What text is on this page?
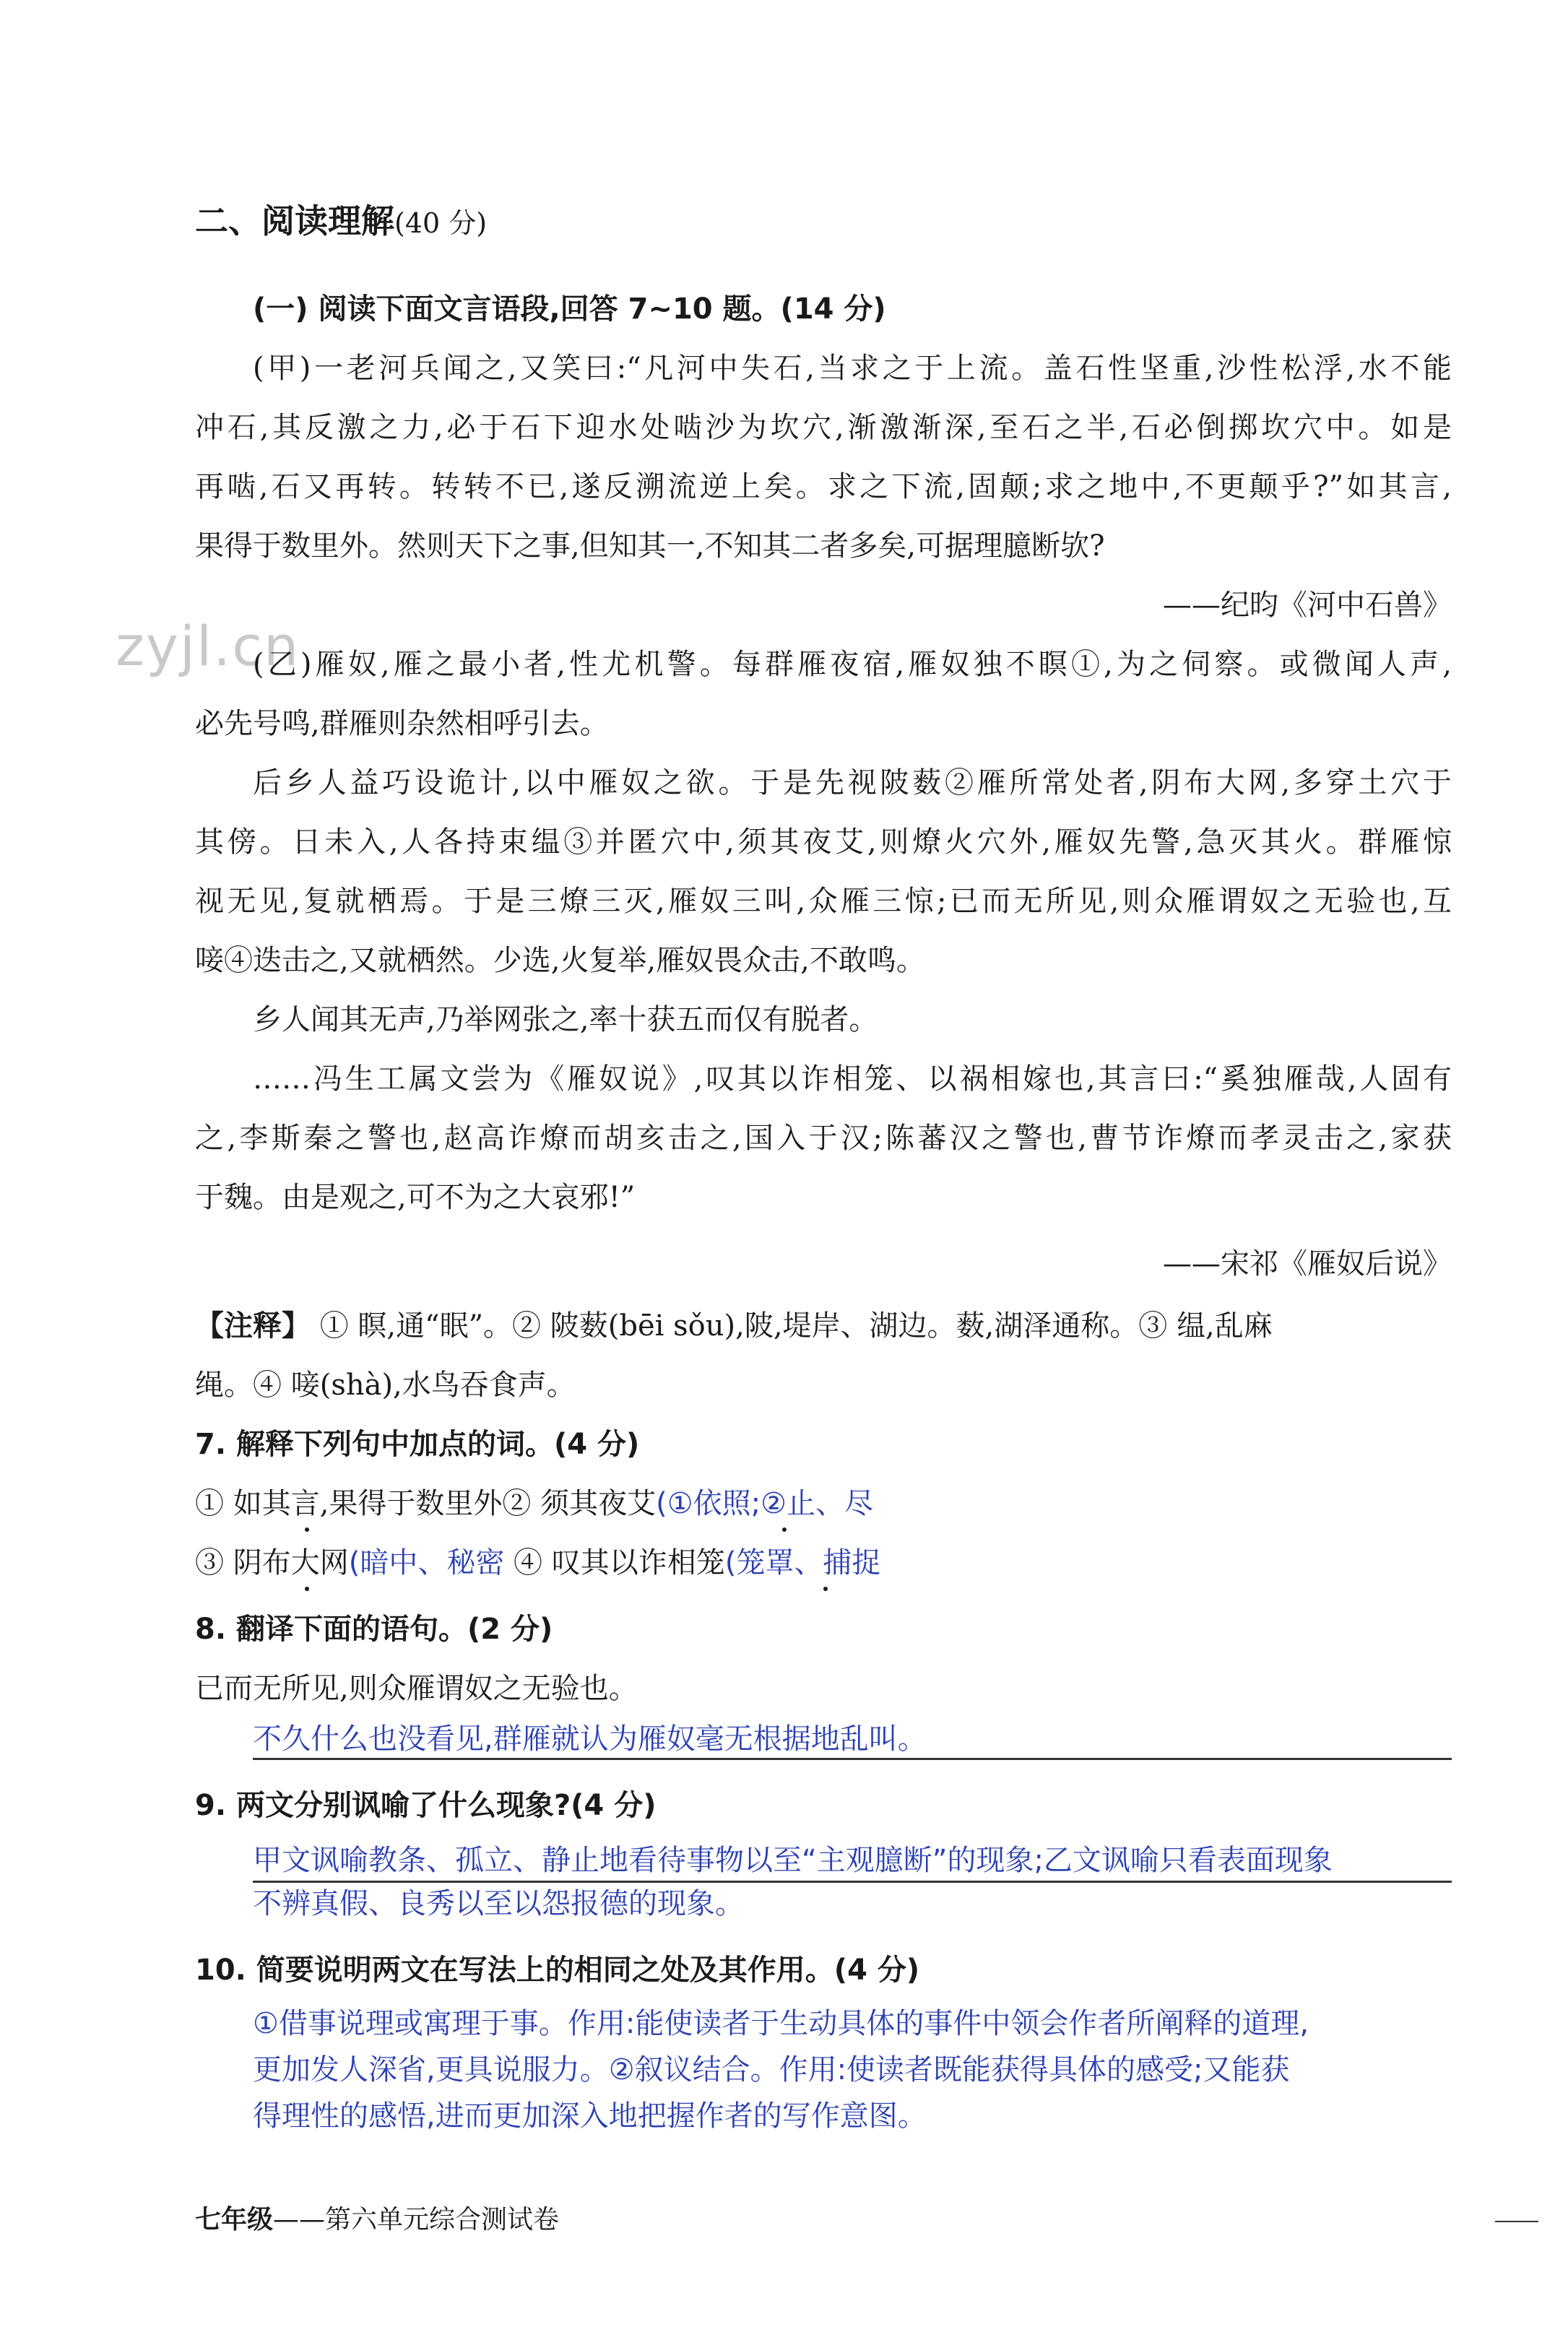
zyjl.cn
二、阅读理解(40 分)
(一) 阅读下面文言语段,回答 7~10 题。(14 分)
(甲)一老河兵闻之,又笑曰:“凡河中失石,当求之于上流。盖石性坚重,沙性松浮,水不能
冲石,其反激之力,必于石下迎水处啮沙为坎穴,渐激渐深,至石之半,石必倒掷坎穴中。如是
再啮,石又再转。转转不已,遂反溯流逆上矣。求之下流,固颠;求之地中,不更颠乎?”如其言,
果得于数里外。然则天下之事,但知其一,不知其二者多矣,可据理臆断欤?
——纪昀《河中石兽》
(乙)雁奴,雁之最小者,性尤机警。每群雁夜宿,雁奴独不瞑①,为之伺察。或微闻人声,
必先号鸣,群雁则杂然相呼引去。
后乡人益巧设诡计,以中雁奴之欲。于是先视陂薮②雁所常处者,阴布大网,多穿土穴于
其傍。日未入,人各持束缊③并匿穴中,须其夜艾,则燎火穴外,雁奴先警,急灭其火。群雁惊
视无见,复就栖焉。于是三燎三灭,雁奴三叫,众雁三惊;已而无所见,则众雁谓奴之无验也,互
唼④迭击之,又就栖然。少选,火复举,雁奴畏众击,不敢鸣。
乡人闻其无声,乃举网张之,率十获五而仅有脱者。
……冯生工属文尝为《雁奴说》,叹其以诈相笼、以祸相嫁也,其言曰:“奚独雁哉,人固有
之,李斯秦之警也,赵高诈燎而胡亥击之,国入于汉;陈蕃汉之警也,曹节诈燎而孝灵击之,家获
于魏。由是观之,可不为之大哀邪!”
——宋祁《雁奴后说》
【注释】 ① 瞑,通“眠”。② 陂薮(bēi sǒu),陂,堤岸、湖边。薮,湖泽通称。③ 缊,乱麻
绳。④ 唼(shà),水鸟吞食声。
7. 解释下列句中加点的词。(4 分)
① 如其言,果得于数里外② 须其夜艾(①依照;②止、尽
③ 阴布大网(暗中、秘密 ④ 叹其以诈相笼(笼罩、捕捉
8. 翻译下面的语句。(2 分)
已而无所见,则众雁谓奴之无验也。
不久什么也没看见,群雁就认为雁奴毫无根据地乱叫。
9. 两文分别讽喻了什么现象?(4 分)
甲文讽喻教条、孤立、静止地看待事物以至“主观臆断”的现象;乙文讽喻只看表面现象
不辨真假、良秀以至以怨报德的现象。
10. 简要说明两文在写法上的相同之处及其作用。(4 分)
①借事说理或寓理于事。作用:能使读者于生动具体的事件中领会作者所阐释的道理,
更加发人深省,更具说服力。②叙议结合。作用:使读者既能获得具体的感受;又能获
得理性的感悟,进而更加深入地把握作者的写作意图。
七年级——第六单元综合测试卷
